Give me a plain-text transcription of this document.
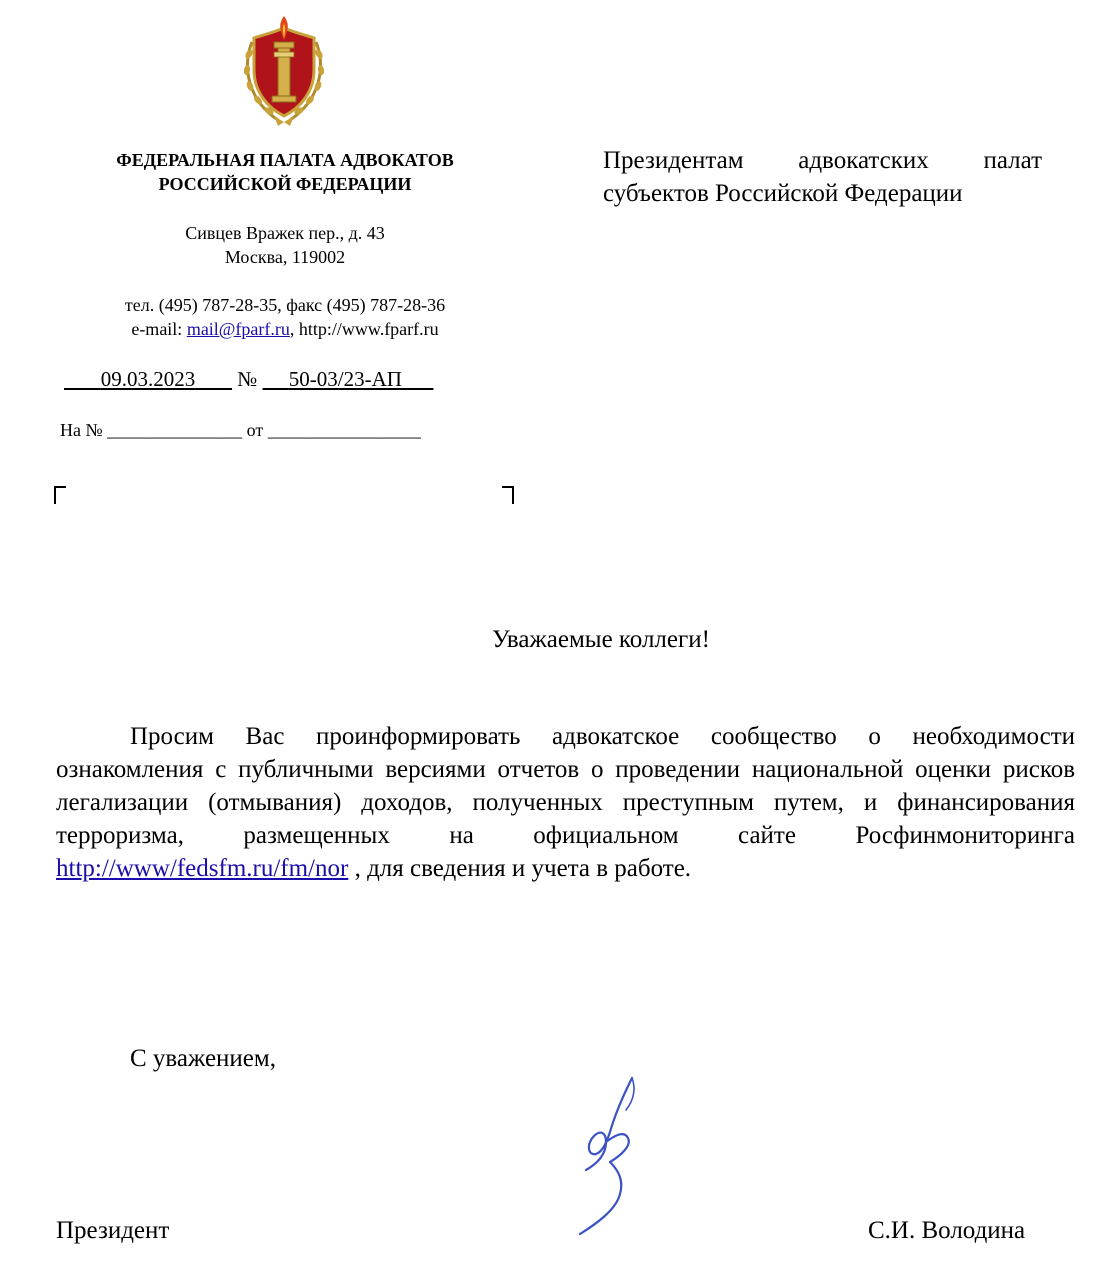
ФЕДЕРАЛЬНАЯ ПАЛАТА АДВОКАТОВ
РОССИЙСКОЙ ФЕДЕРАЦИИ
Сивцев Вражек пер., д. 43
Москва, 119002
тел. (495) 787-28-35, факс (495) 787-28-36
e-mail: mail@fparf.ru, http://www.fparf.ru
09.03.2023 № 50-03/23-АП
На № _______________ от _________________
Президентам адвокатских палат
субъектов Российской Федерации
Уважаемые коллеги!
Просим Вас проинформировать адвокатское сообщество о необходимости ознакомления с публичными версиями отчетов о проведении национальной оценки рисков легализации (отмывания) доходов, полученных преступным путем, и финансирования терроризма, размещенных на официальном сайте Росфинмониторинга http://www/fedsfm.ru/fm/nor , для сведения и учета в работе.
С уважением,
Президент	С.И. Володина
